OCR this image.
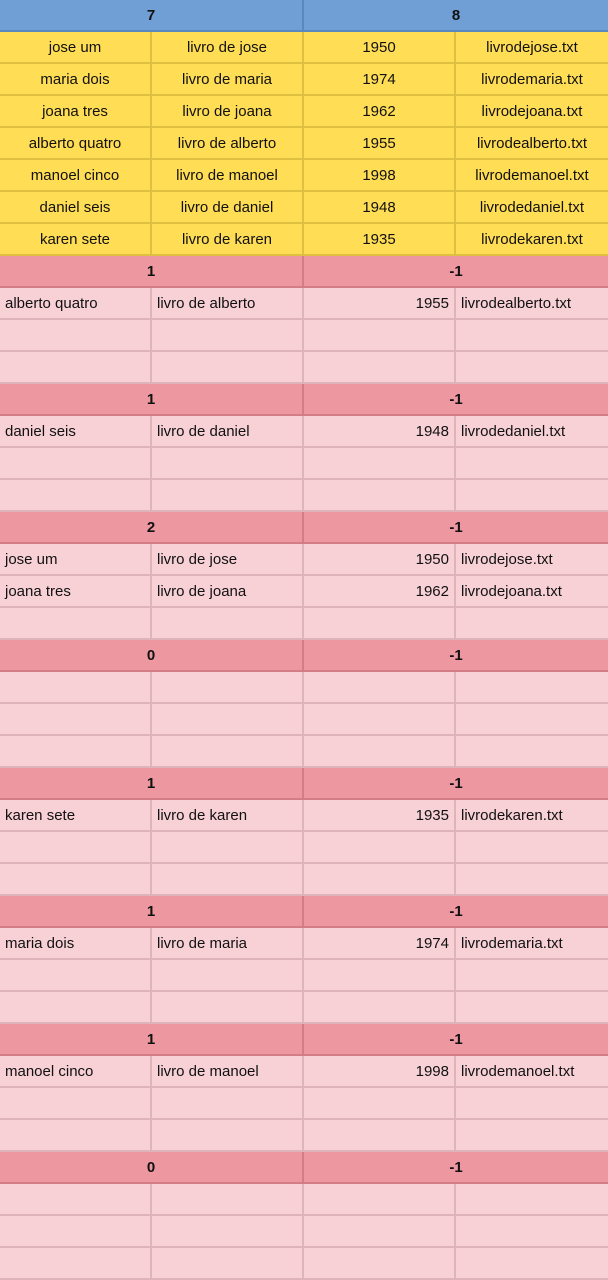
7	8
jose um	livro de jose	1950	livrodejose.txt
maria dois	livro de maria	1974	livrodemaria.txt
joana tres	livro de joana	1962	livrodejoana.txt
alberto quatro	livro de alberto	1955	livrodealberto.txt
manoel cinco	livro de manoel	1998	livrodemanoel.txt
daniel seis	livro de daniel	1948	livrodedaniel.txt
karen sete	livro de karen	1935	livrodekaren.txt
1	-1
alberto quatro	livro de alberto	1955 livrodealberto.txt
1	-1
daniel seis	livro de daniel	1948 livrodedaniel.txt
2	-1
jose um	livro de jose	1950 livrodejose.txt
joana tres	livro de joana	1962 livrodejoana.txt
0	-1
1	-1
karen sete	livro de karen	1935 livrodekaren.txt
1	-1
maria dois	livro de maria	1974 livrodemaria.txt
1	-1
manoel cinco	livro de manoel	1998 livrodemanoel.txt
0	-1
